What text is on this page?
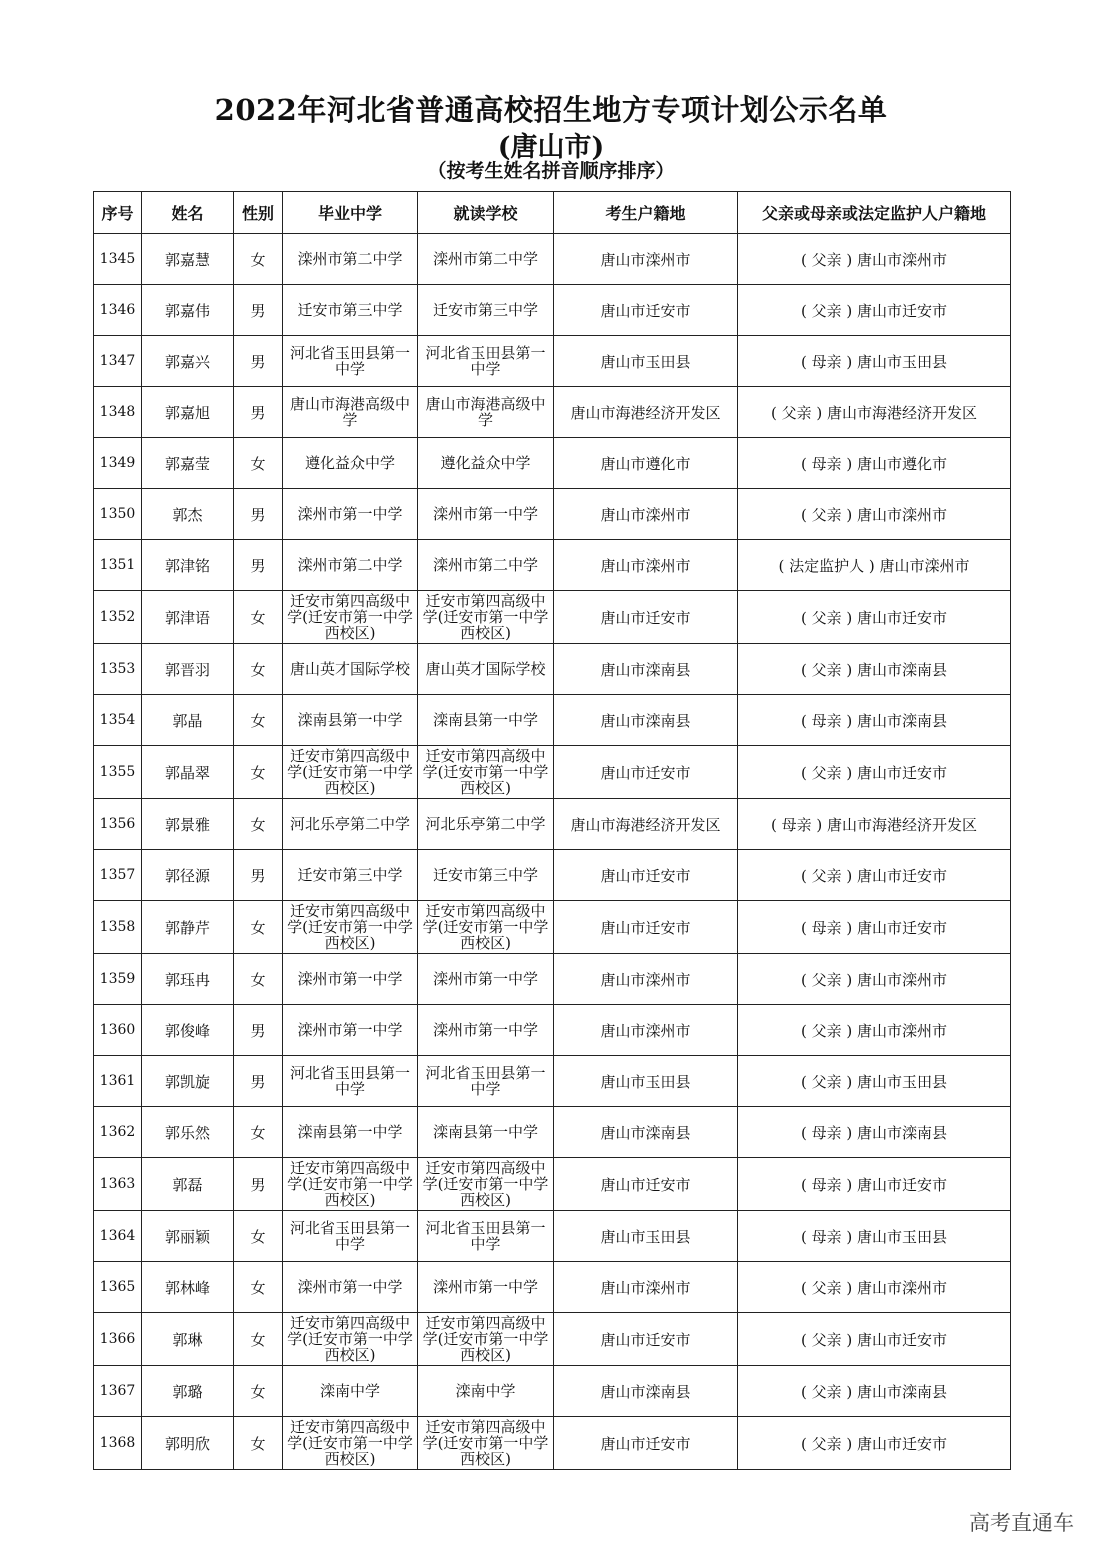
2022年河北省普通高校招生地方专项计划公示名单
(唐山市)
（按考生姓名拼音顺序排序）
序号	姓名	性别	毕业中学	就读学校	考生户籍地	父亲或母亲或法定监护人户籍地
1345	郭嘉慧	女	滦州市第二中学	滦州市第二中学	唐山市滦州市	( 父亲 ) 唐山市滦州市
1346	郭嘉伟	男	迁安市第三中学	迁安市第三中学	唐山市迁安市	( 父亲 ) 唐山市迁安市
1347	郭嘉兴	男	河北省玉田县第一中学	河北省玉田县第一中学	唐山市玉田县	( 母亲 ) 唐山市玉田县
1348	郭嘉旭	男	唐山市海港高级中学	唐山市海港高级中学	唐山市海港经济开发区	( 父亲 ) 唐山市海港经济开发区
1349	郭嘉莹	女	遵化益众中学	遵化益众中学	唐山市遵化市	( 母亲 ) 唐山市遵化市
1350	郭杰	男	滦州市第一中学	滦州市第一中学	唐山市滦州市	( 父亲 ) 唐山市滦州市
1351	郭津铭	男	滦州市第二中学	滦州市第二中学	唐山市滦州市	( 法定监护人 ) 唐山市滦州市
1352	郭津语	女	迁安市第四高级中学(迁安市第一中学西校区)	迁安市第四高级中学(迁安市第一中学西校区)	唐山市迁安市	( 父亲 ) 唐山市迁安市
1353	郭晋羽	女	唐山英才国际学校	唐山英才国际学校	唐山市滦南县	( 父亲 ) 唐山市滦南县
1354	郭晶	女	滦南县第一中学	滦南县第一中学	唐山市滦南县	( 母亲 ) 唐山市滦南县
1355	郭晶翠	女	迁安市第四高级中学(迁安市第一中学西校区)	迁安市第四高级中学(迁安市第一中学西校区)	唐山市迁安市	( 父亲 ) 唐山市迁安市
1356	郭景雅	女	河北乐亭第二中学	河北乐亭第二中学	唐山市海港经济开发区	( 母亲 ) 唐山市海港经济开发区
1357	郭径源	男	迁安市第三中学	迁安市第三中学	唐山市迁安市	( 父亲 ) 唐山市迁安市
1358	郭静芹	女	迁安市第四高级中学(迁安市第一中学西校区)	迁安市第四高级中学(迁安市第一中学西校区)	唐山市迁安市	( 母亲 ) 唐山市迁安市
1359	郭珏冉	女	滦州市第一中学	滦州市第一中学	唐山市滦州市	( 父亲 ) 唐山市滦州市
1360	郭俊峰	男	滦州市第一中学	滦州市第一中学	唐山市滦州市	( 父亲 ) 唐山市滦州市
1361	郭凯旋	男	河北省玉田县第一中学	河北省玉田县第一中学	唐山市玉田县	( 父亲 ) 唐山市玉田县
1362	郭乐然	女	滦南县第一中学	滦南县第一中学	唐山市滦南县	( 母亲 ) 唐山市滦南县
1363	郭磊	男	迁安市第四高级中学(迁安市第一中学西校区)	迁安市第四高级中学(迁安市第一中学西校区)	唐山市迁安市	( 母亲 ) 唐山市迁安市
1364	郭丽颖	女	河北省玉田县第一中学	河北省玉田县第一中学	唐山市玉田县	( 母亲 ) 唐山市玉田县
1365	郭林峰	女	滦州市第一中学	滦州市第一中学	唐山市滦州市	( 父亲 ) 唐山市滦州市
1366	郭琳	女	迁安市第四高级中学(迁安市第一中学西校区)	迁安市第四高级中学(迁安市第一中学西校区)	唐山市迁安市	( 父亲 ) 唐山市迁安市
1367	郭璐	女	滦南中学	滦南中学	唐山市滦南县	( 父亲 ) 唐山市滦南县
1368	郭明欣	女	迁安市第四高级中学(迁安市第一中学西校区)	迁安市第四高级中学(迁安市第一中学西校区)	唐山市迁安市	( 父亲 ) 唐山市迁安市
高考直通车
